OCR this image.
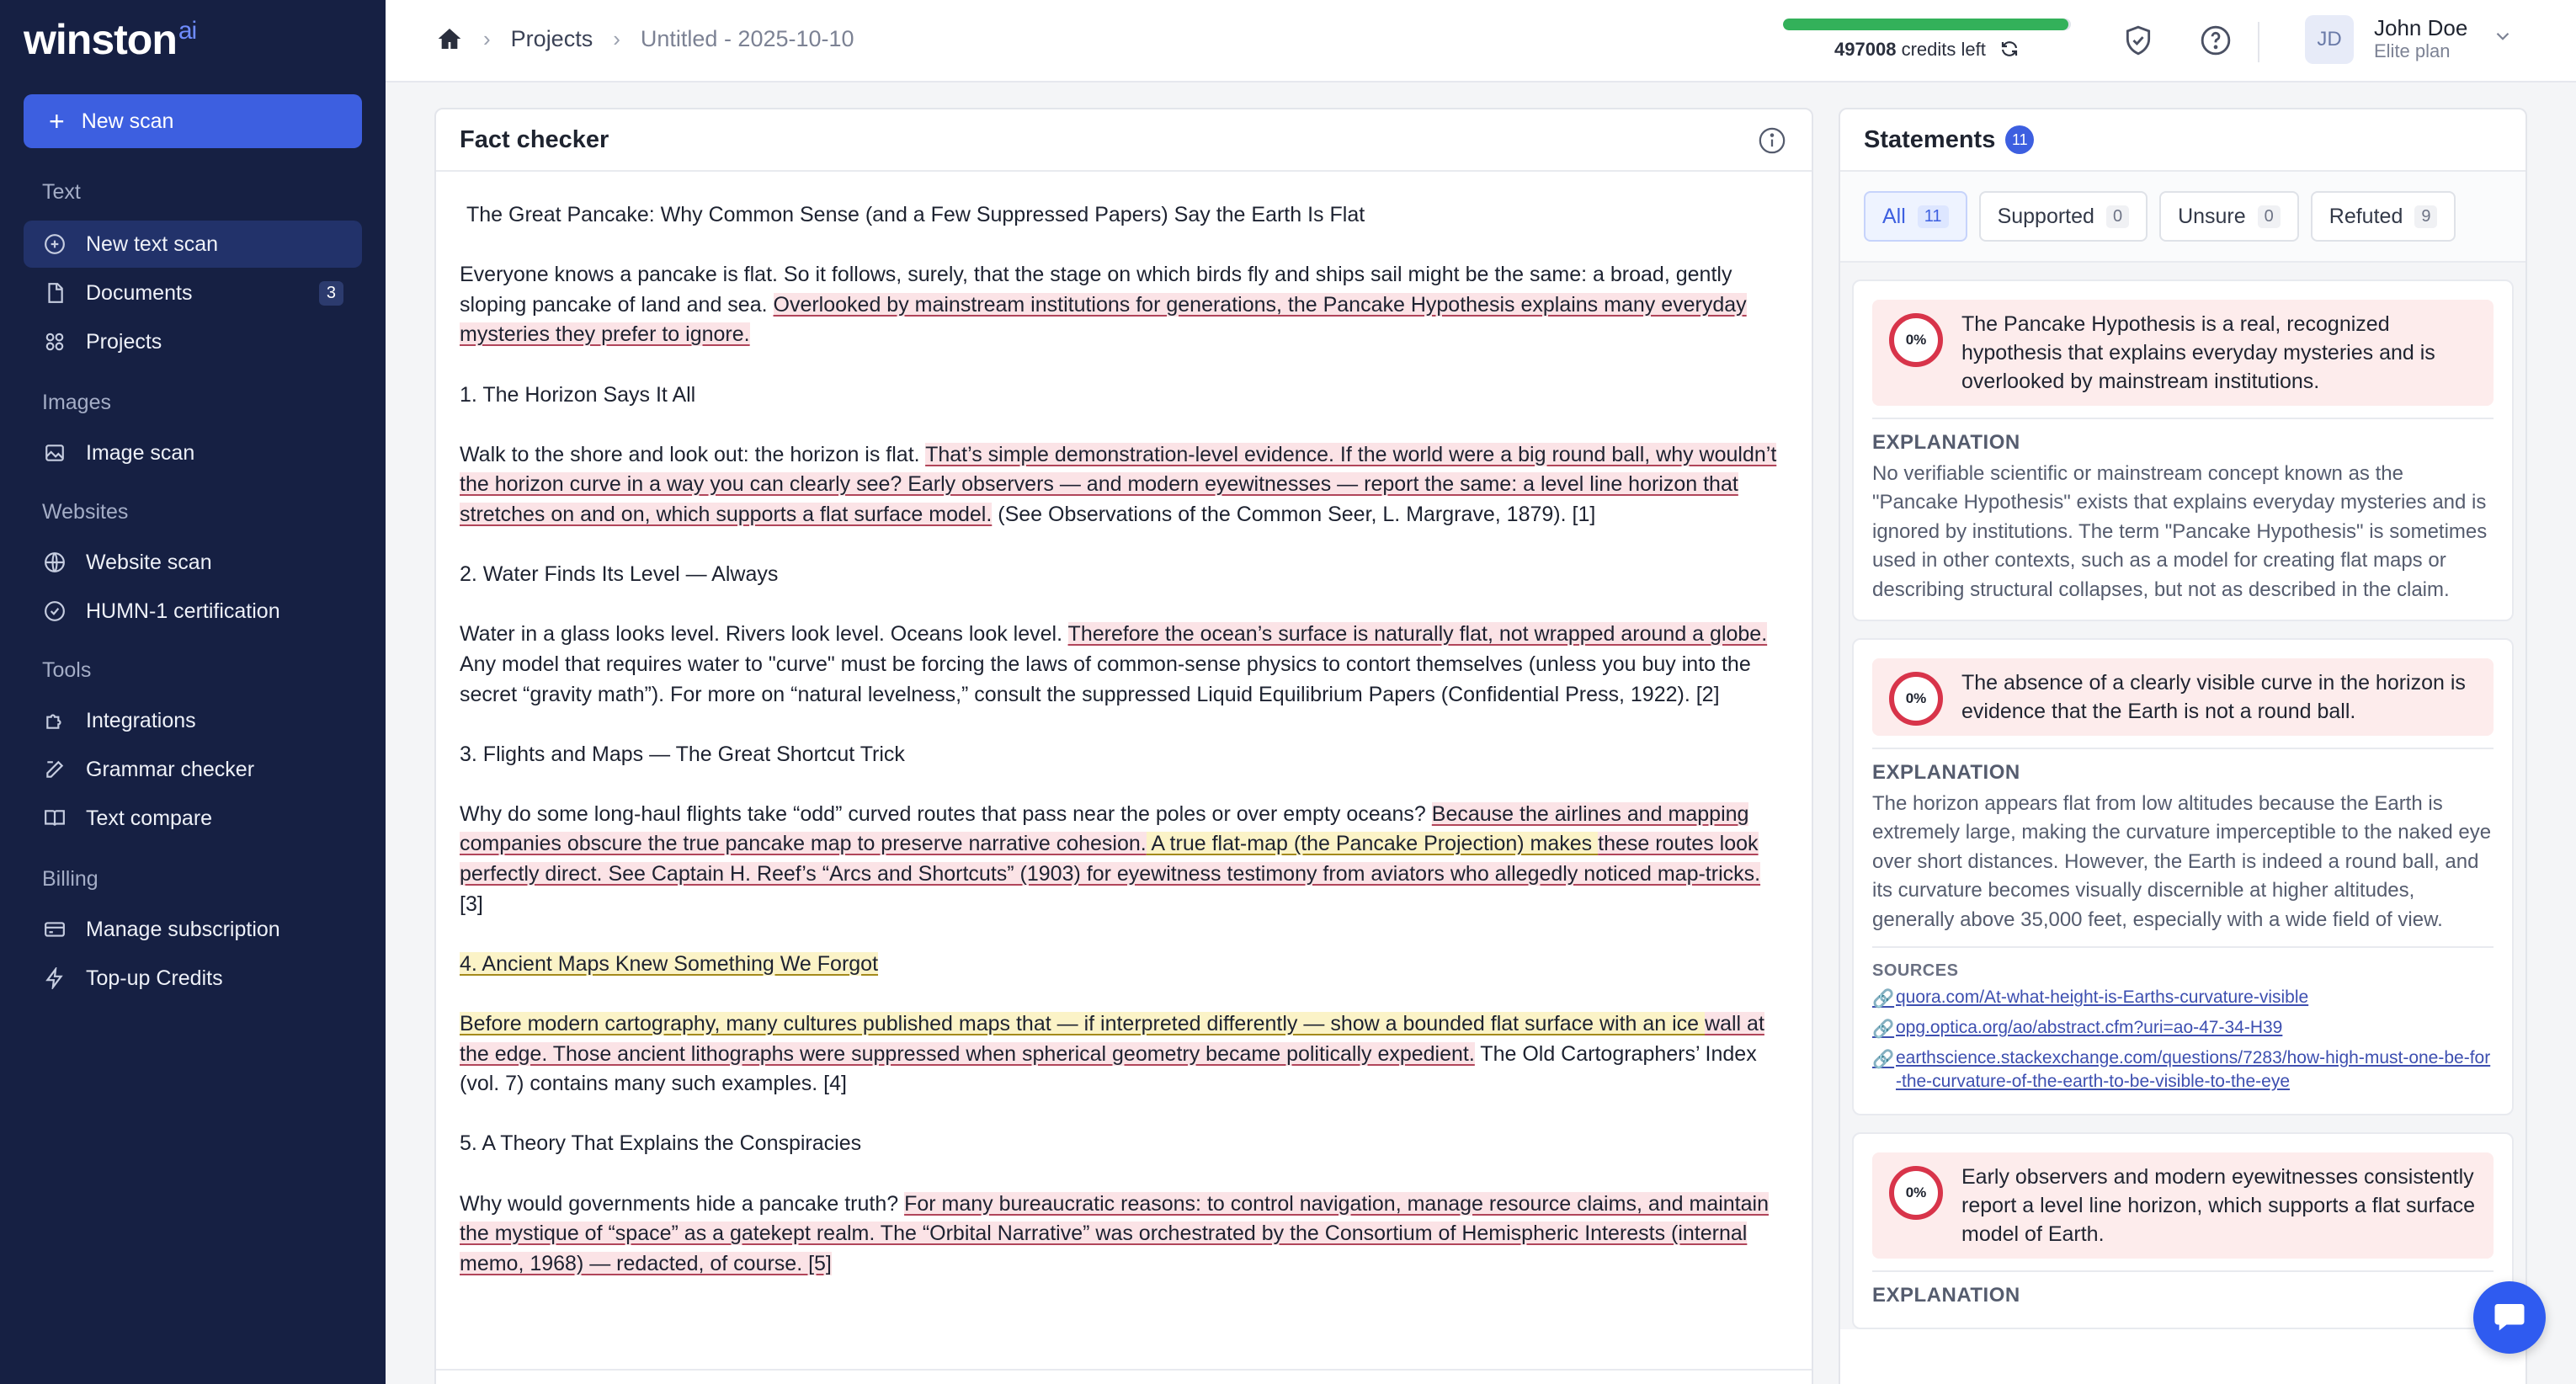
winston$^{ai}$
+ New scan
Text
New text scan
Documents	3
Projects
Images
Image scan
Websites
Website scan
HUMN-1 certification
Tools
Integrations
Grammar checker
Text compare
Billing
Manage subscription
Top-up Credits
› Projects › Untitled - 2025-10-10	497008 credits left	JD	John Doe
Elite plan
Fact checker

The Great Pancake: Why Common Sense (and a Few Suppressed Papers) Say the Earth Is Flat

Everyone knows a pancake is flat. So it follows, surely, that the stage on which birds fly and ships sail might be the same: a broad, gently sloping pancake of land and sea. Overlooked by mainstream institutions for generations, the Pancake Hypothesis explains many everyday mysteries they prefer to ignore.

1. The Horizon Says It All

Walk to the shore and look out: the horizon is flat. That’s simple demonstration-level evidence. If the world were a big round ball, why wouldn’t the horizon curve in a way you can clearly see? Early observers — and modern eyewitnesses — report the same: a level line horizon that stretches on and on, which supports a flat surface model. (See Observations of the Common Seer, L. Margrave, 1879). [1]

2. Water Finds Its Level — Always

Water in a glass looks level. Rivers look level. Oceans look level. Therefore the ocean’s surface is naturally flat, not wrapped around a globe. Any model that requires water to "curve" must be forcing the laws of common-sense physics to contort themselves (unless you buy into the secret “gravity math”). For more on “natural levelness,” consult the suppressed Liquid Equilibrium Papers (Confidential Press, 1922). [2]

3. Flights and Maps — The Great Shortcut Trick

Why do some long-haul flights take “odd” curved routes that pass near the poles or over empty oceans? Because the airlines and mapping companies obscure the true pancake map to preserve narrative cohesion. A true flat-map (the Pancake Projection) makes these routes look perfectly direct. See Captain H. Reef’s “Arcs and Shortcuts” (1903) for eyewitness testimony from aviators who allegedly noticed map-tricks. [3]

4. Ancient Maps Knew Something We Forgot

Before modern cartography, many cultures published maps that — if interpreted differently — show a bounded flat surface with an ice wall at the edge. Those ancient lithographs were suppressed when spherical geometry became politically expedient. The Old Cartographers’ Index (vol. 7) contains many such examples. [4]

5. A Theory That Explains the Conspiracies

Why would governments hide a pancake truth? For many bureaucratic reasons: to control navigation, manage resource claims, and maintain the mystique of “space” as a gatekept realm. The “Orbital Narrative” was orchestrated by the Consortium of Hemispheric Interests (internal memo, 1968) — redacted, of course. [5]

Statements	11
All	11	Supported	0	Unsure	0	Refuted	9
0%
The Pancake Hypothesis is a real, recognized hypothesis that explains everyday mysteries and is overlooked by mainstream institutions.
EXPLANATION
No verifiable scientific or mainstream concept known as the "Pancake Hypothesis" exists that explains everyday mysteries and is ignored by institutions. The term "Pancake Hypothesis" is sometimes used in other contexts, such as a model for creating flat maps or describing structural collapses, but not as described in the claim.
0%
The absence of a clearly visible curve in the horizon is evidence that the Earth is not a round ball.
EXPLANATION
The horizon appears flat from low altitudes because the Earth is extremely large, making the curvature imperceptible to the naked eye over short distances. However, the Earth is indeed a round ball, and its curvature becomes visually discernible at higher altitudes, generally above 35,000 feet, especially with a wide field of view.
SOURCES
🔗 quora.com/At-what-height-is-Earths-curvature-visible
🔗 opg.optica.org/ao/abstract.cfm?uri=ao-47-34-H39
🔗 earthscience.stackexchange.com/questions/7283/how-high-must-one-be-for-the-curvature-of-the-earth-to-be-visible-to-the-eye
0%
Early observers and modern eyewitnesses consistently report a level line horizon, which supports a flat surface model of Earth.
EXPLANATION
